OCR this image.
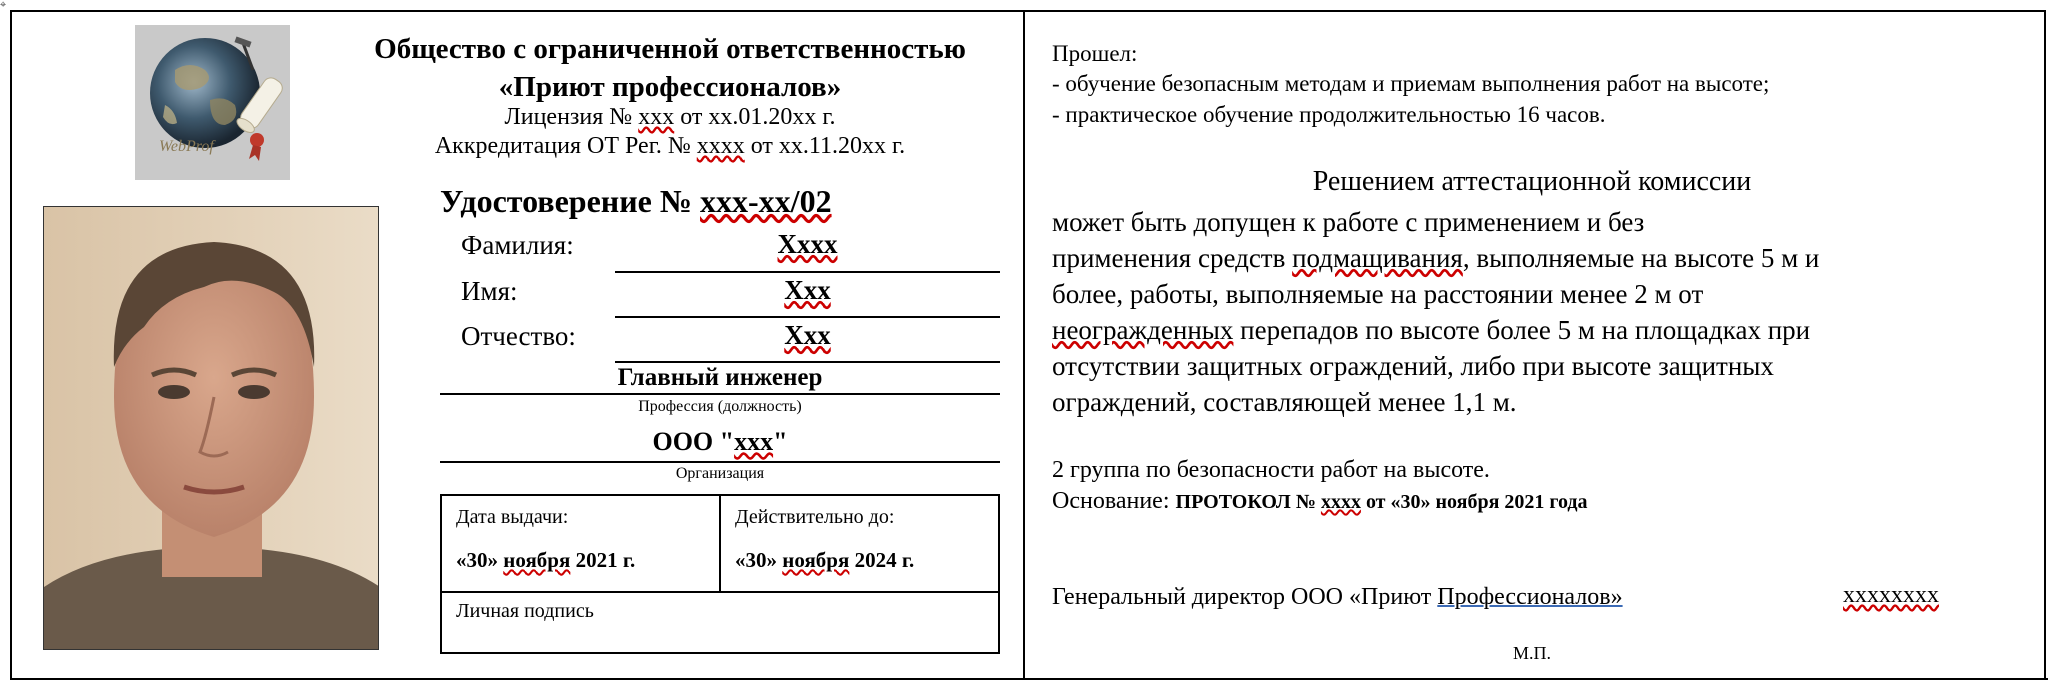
⌖
WebProf
Общество с ограниченной ответственностью
«Приют профессионалов»
Лицензия № ххх от хх.01.20хх г.
Аккредитация ОТ Рег. № хххх от хх.11.20хх г.
Удостоверение № ххх-хх/02
Фамилия:	Хххх
Имя:	Ххх
Отчество:	Ххх
Главный инженер
Профессия (должность)
ООО "ххх"
Организация
Дата выдачи:
«30» ноября 2021 г.
Действительно до:
«30» ноября 2024 г.
Личная подпись
Прошел:
- обучение безопасным методам и приемам выполнения работ на высоте;
- практическое обучение продолжительностью 16 часов.
Решением аттестационной комиссии
может быть допущен к работе с применением и без
применения средств подмащивания, выполняемые на высоте 5 м и
более, работы, выполняемые на расстоянии менее 2 м от
неогражденных перепадов по высоте более 5 м на площадках при
отсутствии защитных ограждений, либо при высоте защитных
ограждений, составляющей менее 1,1 м.
2 группа по безопасности работ на высоте.
Основание: ПРОТОКОЛ № хххх от «30» ноября 2021 года
Генеральный директор ООО «Приют Профессионалов»	хххххххх
М.П.
